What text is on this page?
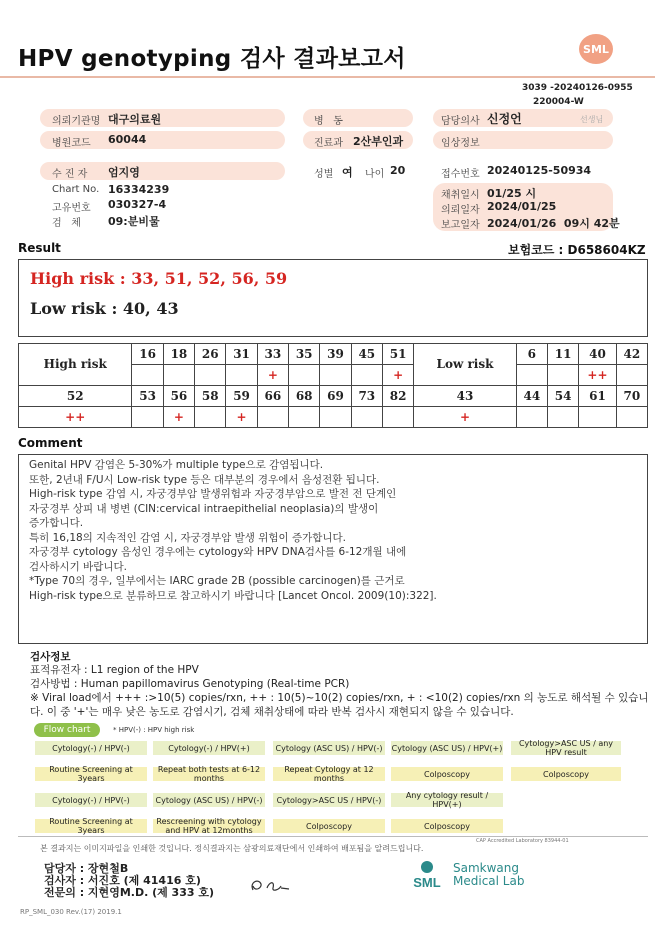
HPV genotyping 검사 결과보고서	SML
3039 -20240126-0955
220004-W
의뢰기관명 대구의료원
병원코드 60044
수 진 자 엄지영
Chart No. 16334239
고유번호 030327-4
검   체 09:분비물
병   동
진료과 2산부인과
성별 여 나이 20
담당의사 신정언	선생님
임상정보
접수번호 20240125-50934
채취일시 01/25 시
의뢰일자 2024/01/25
보고일자 2024/01/26  09시 42분
Result	보험코드 : D658604KZ
High risk : 33, 51, 52, 56, 59
Low risk : 40, 43
High risk	16	18	26	31	33	35	39	45	51	Low risk	6	11	40	42
					+				+				++	
52	53	56	58	59	66	68	69	73	82	43	44	54	61	70
++		+		+						+				
Comment
Genital HPV 감염은 5-30%가 multiple type으로 감염됩니다.
또한, 2년내 F/U시 Low-risk type 등은 대부분의 경우에서 음성전환 됩니다.
High-risk type 감염 시, 자궁경부암 발생위험과 자궁경부암으로 발전 전 단계인
자궁경부 상피 내 병변 (CIN:cervical intraepithelial neoplasia)의 발생이
증가합니다.
특히 16,18의 지속적인 감염 시, 자궁경부암 발생 위험이 증가합니다.
자궁경부 cytology 음성인 경우에는 cytology와 HPV DNA검사를 6-12개월 내에
검사하시기 바랍니다.
*Type 70의 경우, 일부에서는 IARC grade 2B (possible carcinogen)를 근거로
High-risk type으로 분류하므로 참고하시기 바랍니다 [Lancet Oncol. 2009(10):322].
검사정보
표적유전자 : L1 region of the HPV
검사방법 : Human papillomavirus Genotyping (Real-time PCR)
※ Viral load에서 +++ :>10(5) copies/rxn, ++ : 10(5)~10(2) copies/rxn, + : <10(2) copies/rxn 의 농도로 해석될 수 있습니다. 이 중 '+'는 매우 낮은 농도로 감염시기, 검체 채취상태에 따라 반복 검사시 재현되지 않을 수 있습니다.
Flow chart	* HPV(-) : HPV high risk
Cytology(-) / HPV(-)	Cytology(-) / HPV(+)	Cytology (ASC US) / HPV(-)	Cytology (ASC US) / HPV(+)	Cytology>ASC US / any HPV result
Routine Screening at 3years
Repeat both tests at 6-12 months
Repeat Cytology at 12 months	Colposcopy	Colposcopy
Cytology(-) / HPV(-)	Cytology (ASC US) / HPV(-)	Cytology>ASC US / HPV(-)	Any cytology result / HPV(+)
Routine Screening at 3years
Rescreening with cytology and HPV at 12months	Colposcopy	Colposcopy
CAP Accredited Laboratory 83944-01
본 결과지는 이미지파일을 인쇄한 것입니다. 정식결과지는 삼광의료재단에서 인쇄하여 배포됨을 알려드립니다.
담당자 : 장현철B
검사자 : 서진호 (제 41416 호)
전문의 : 지현영M.D. (제 333 호)
SML
Samkwang
Medical Lab
RP_SML_030 Rev.(17) 2019.1
